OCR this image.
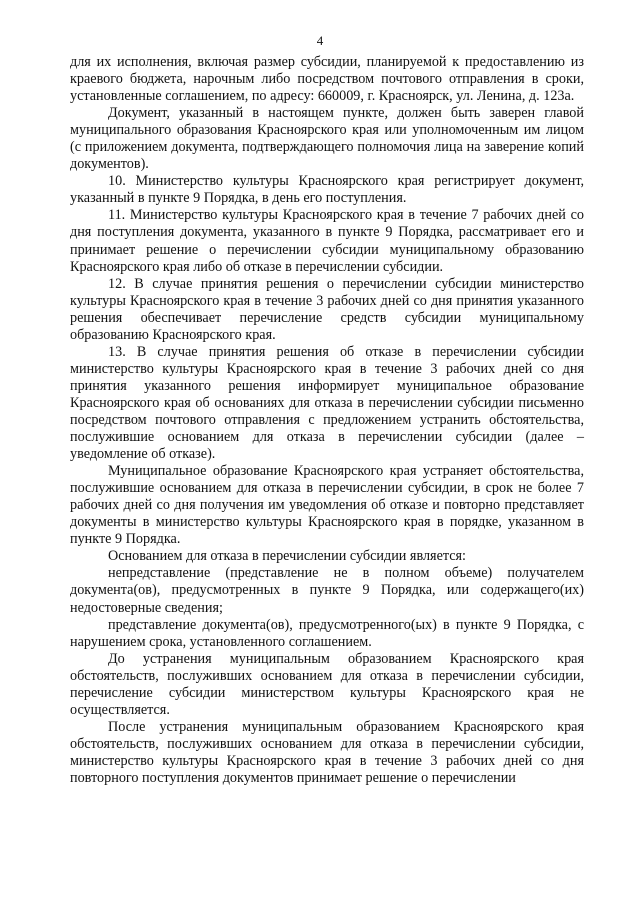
4

для их исполнения, включая размер субсидии, планируемой к предоставлению из краевого бюджета, нарочным либо посредством почтового отправления в сроки, установленные соглашением, по адресу: 660009, г. Красноярск, ул. Ленина, д. 123а.

Документ, указанный в настоящем пункте, должен быть заверен главой муниципального образования Красноярского края или уполномоченным им лицом (с приложением документа, подтверждающего полномочия лица на заверение копий документов).

10. Министерство культуры Красноярского края регистрирует документ, указанный в пункте 9 Порядка, в день его поступления.

11. Министерство культуры Красноярского края в течение 7 рабочих дней со дня поступления документа, указанного в пункте 9 Порядка, рассматривает его и принимает решение о перечислении субсидии муниципальному образованию Красноярского края либо об отказе в перечислении субсидии.

12. В случае принятия решения о перечислении субсидии министерство культуры Красноярского края в течение 3 рабочих дней со дня принятия указанного решения обеспечивает перечисление средств субсидии муниципальному образованию Красноярского края.

13. В случае принятия решения об отказе в перечислении субсидии министерство культуры Красноярского края в течение 3 рабочих дней со дня принятия указанного решения информирует муниципальное образование Красноярского края об основаниях для отказа в перечислении субсидии письменно посредством почтового отправления с предложением устранить обстоятельства, послужившие основанием для отказа в перечислении субсидии (далее – уведомление об отказе).

Муниципальное образование Красноярского края устраняет обстоятельства, послужившие основанием для отказа в перечислении субсидии, в срок не более 7 рабочих дней со дня получения им уведомления об отказе и повторно представляет документы в министерство культуры Красноярского края в порядке, указанном в пункте 9 Порядка.

Основанием для отказа в перечислении субсидии является:

непредставление (представление не в полном объеме) получателем документа(ов), предусмотренных в пункте 9 Порядка, или содержащего(их) недостоверные сведения;

представление документа(ов), предусмотренного(ых) в пункте 9 Порядка, с нарушением срока, установленного соглашением.

До устранения муниципальным образованием Красноярского края обстоятельств, послуживших основанием для отказа в перечислении субсидии, перечисление субсидии министерством культуры Красноярского края не осуществляется.

После устранения муниципальным образованием Красноярского края обстоятельств, послуживших основанием для отказа в перечислении субсидии, министерство культуры Красноярского края в течение 3 рабочих дней со дня повторного поступления документов принимает решение о перечислении
